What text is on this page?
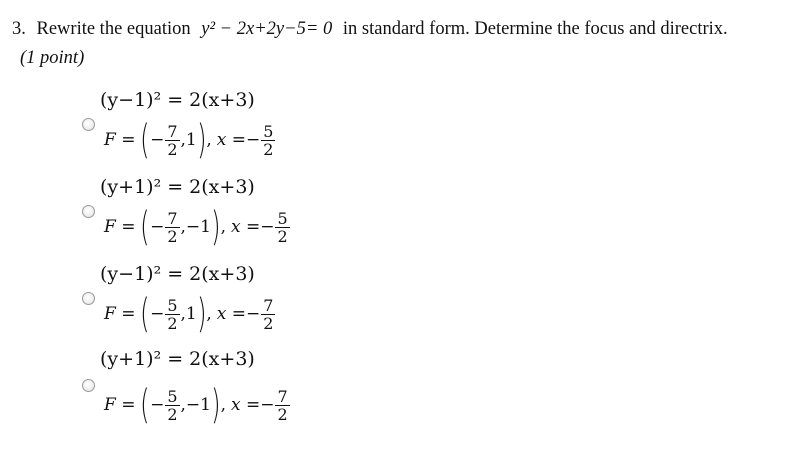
3. Rewrite the equation y² − 2x+2y−5= 0 in standard form. Determine the focus and directrix.
(1 point)
(y−1)² = 2(x+3)
F = ( − $\frac{7}{2}$ , 1 ) , x = − $\frac{5}{2}$
(y+1)² = 2(x+3)
F = ( − $\frac{7}{2}$ , −1 ) , x = − $\frac{5}{2}$
(y−1)² = 2(x+3)
F = ( − $\frac{5}{2}$ , 1 ) , x = − $\frac{7}{2}$
(y+1)² = 2(x+3)
F = ( − $\frac{5}{2}$ , −1 ) , x = − $\frac{7}{2}$
